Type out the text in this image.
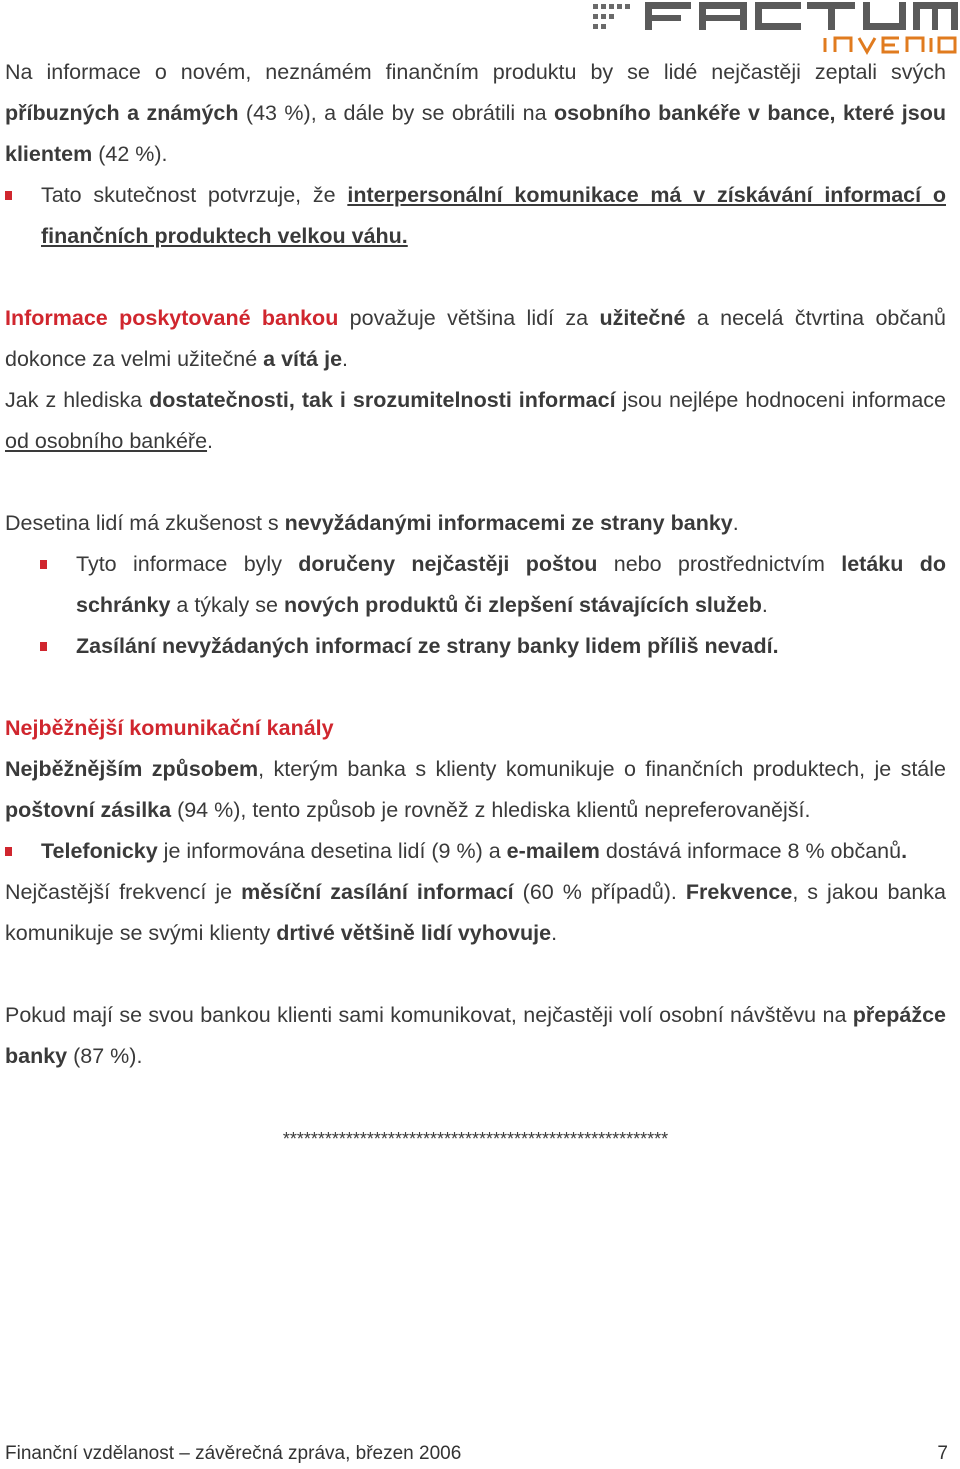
Na informace o novém, neznámém finančním produktu by se lidé nejčastěji zeptali svých příbuzných a známých (43 %), a dále by se obrátili na osobního bankéře v bance, které jsou klientem (42 %).

Tato skutečnost potvrzuje, že interpersonální komunikace má v získávání informací o finančních produktech velkou váhu.

Informace poskytované bankou považuje většina lidí za užitečné a necelá čtvrtina občanů dokonce za velmi užitečné a vítá je.

Jak z hlediska dostatečnosti, tak i srozumitelnosti informací jsou nejlépe hodnoceni informace od osobního bankéře.

Desetina lidí má zkušenost s nevyžádanými informacemi ze strany banky.

Tyto informace byly doručeny nejčastěji poštou nebo prostřednictvím letáku do schránky a týkaly se nových produktů či zlepšení stávajících služeb.

Zasílání nevyžádaných informací ze strany banky lidem příliš nevadí.

Nejběžnější komunikační kanály

Nejběžnějším způsobem, kterým banka s klienty komunikuje o finančních produktech, je stále poštovní zásilka (94 %), tento způsob je rovněž z hlediska klientů nepreferovanější.

Telefonicky je informována desetina lidí (9 %) a e-mailem dostává informace 8 % občanů.

Nejčastější frekvencí je měsíční zasílání informací (60 % případů). Frekvence, s jakou banka komunikuje se svými klienty drtivé většině lidí vyhovuje.

Pokud mají se svou bankou klienti sami komunikovat, nejčastěji volí osobní návštěvu na přepážce banky (87 %).

*******************************************************
Finanční vzdělanost – závěrečná zpráva, březen 2006	7
